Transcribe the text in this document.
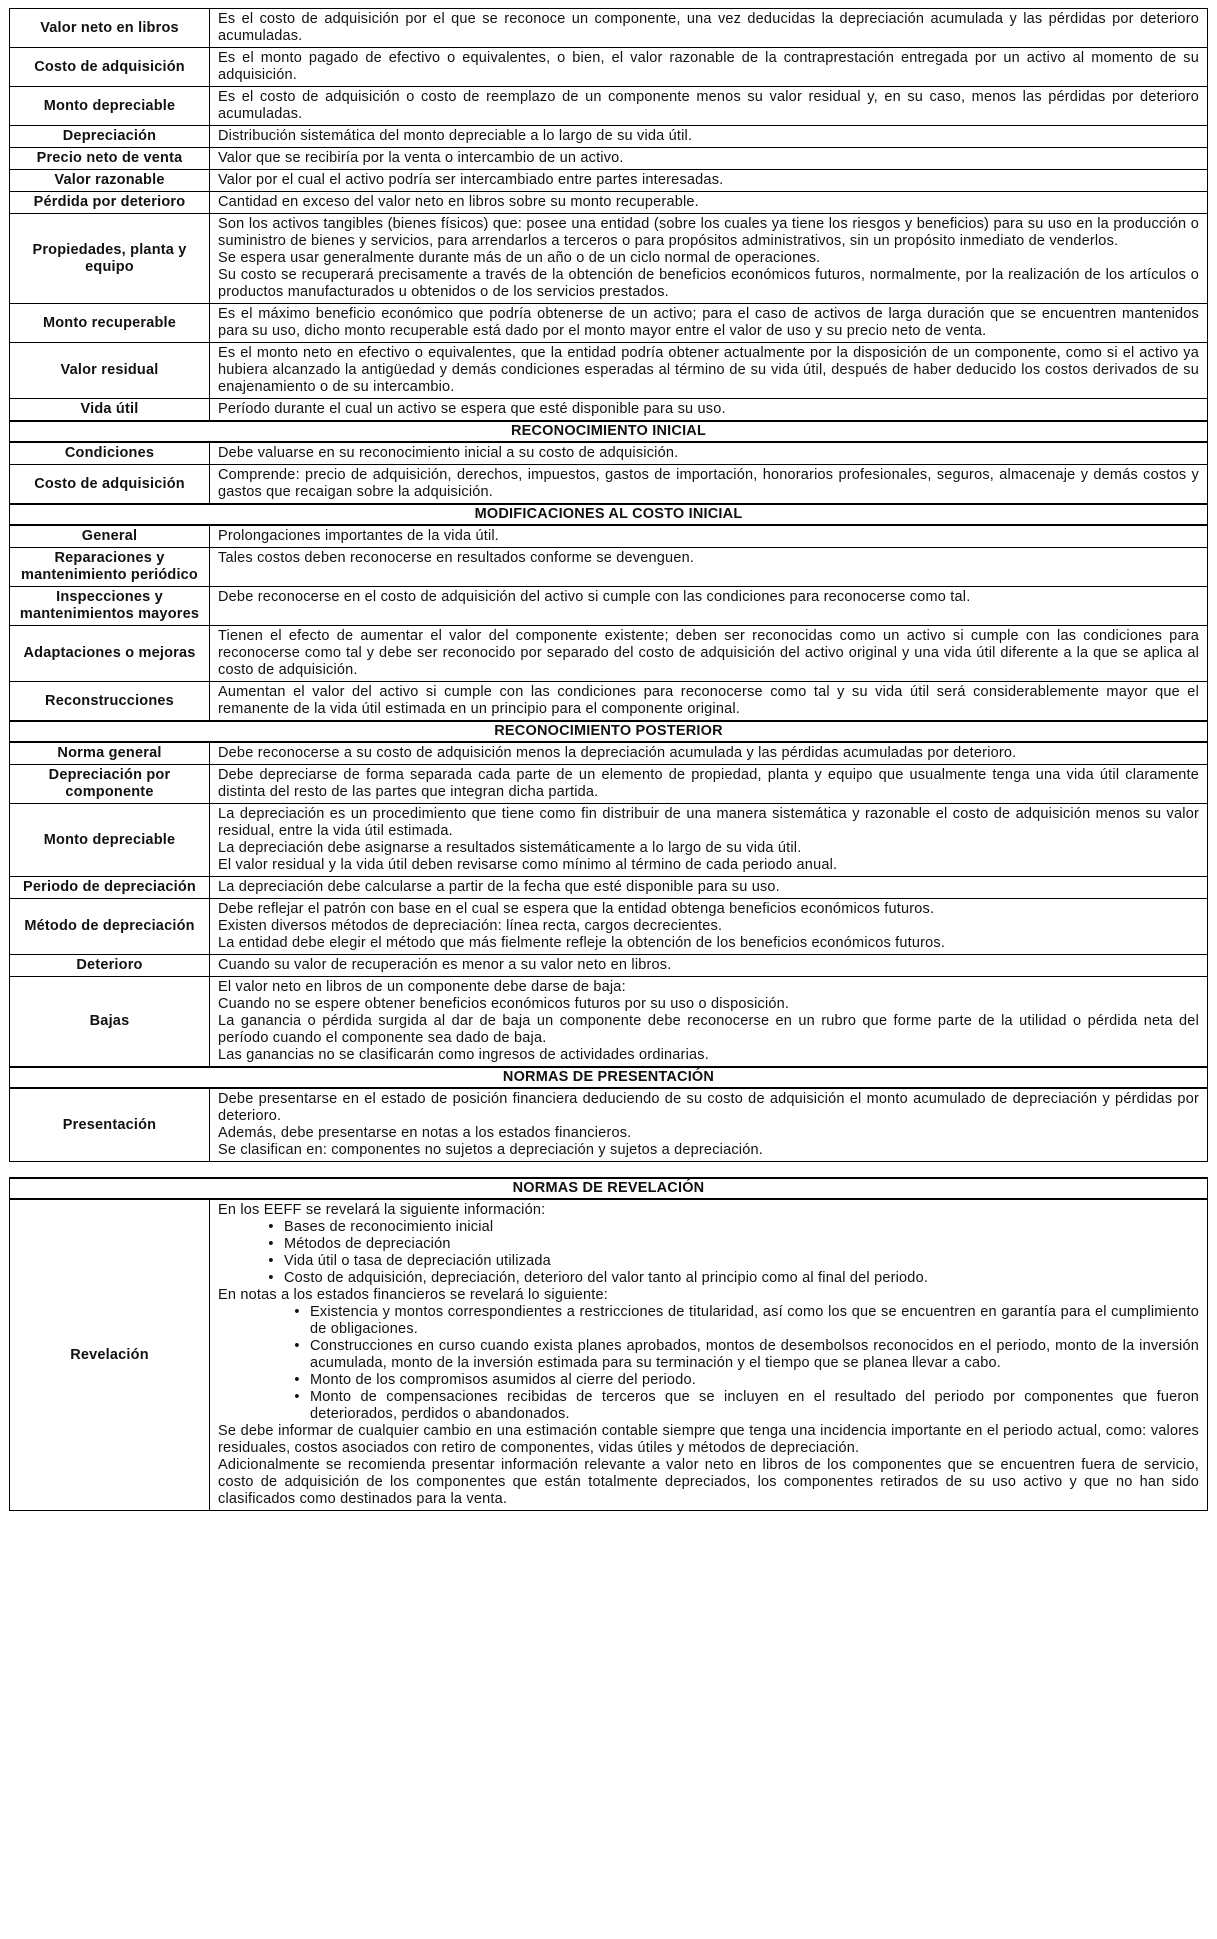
Valor neto en libros	Es el costo de adquisición por el que se reconoce un componente, una vez deducidas la depreciación acumulada y las pérdidas por deterioro acumuladas.

Costo de adquisición	Es el monto pagado de efectivo o equivalentes, o bien, el valor razonable de la contraprestación entregada por un activo al momento de su adquisición.

Monto depreciable	Es el costo de adquisición o costo de reemplazo de un componente menos su valor residual y, en su caso, menos las pérdidas por deterioro acumuladas.

Depreciación	Distribución sistemática del monto depreciable a lo largo de su vida útil.

Precio neto de venta	Valor que se recibiría por la venta o intercambio de un activo.

Valor razonable	Valor por el cual el activo podría ser intercambiado entre partes interesadas.

Pérdida por deterioro	Cantidad en exceso del valor neto en libros sobre su monto recuperable.

Propiedades, planta y equipo	Son los activos tangibles (bienes físicos) que: posee una entidad (sobre los cuales ya tiene los riesgos y beneficios) para su uso en la producción o suministro de bienes y servicios, para arrendarlos a terceros o para propósitos administrativos, sin un propósito inmediato de venderlos.
Se espera usar generalmente durante más de un año o de un ciclo normal de operaciones.
Su costo se recuperará precisamente a través de la obtención de beneficios económicos futuros, normalmente, por la realización de los artículos o productos manufacturados u obtenidos o de los servicios prestados.

Monto recuperable	Es el máximo beneficio económico que podría obtenerse de un activo; para el caso de activos de larga duración que se encuentren mantenidos para su uso, dicho monto recuperable está dado por el monto mayor entre el valor de uso y su precio neto de venta.

Valor residual	Es el monto neto en efectivo o equivalentes, que la entidad podría obtener actualmente por la disposición de un componente, como si el activo ya hubiera alcanzado la antigüedad y demás condiciones esperadas al término de su vida útil, después de haber deducido los costos derivados de su enajenamiento o de su intercambio.

Vida útil	Período durante el cual un activo se espera que esté disponible para su uso.

RECONOCIMIENTO INICIAL	
Condiciones	Debe valuarse en su reconocimiento inicial a su costo de adquisición.

Costo de adquisición	Comprende: precio de adquisición, derechos, impuestos, gastos de importación, honorarios profesionales, seguros, almacenaje y demás costos y gastos que recaigan sobre la adquisición.

MODIFICACIONES AL COSTO INICIAL	
General	Prolongaciones importantes de la vida útil.

Reparaciones y mantenimiento periódico	Tales costos deben reconocerse en resultados conforme se devenguen.

Inspecciones y mantenimientos mayores	Debe reconocerse en el costo de adquisición del activo si cumple con las condiciones para reconocerse como tal.

Adaptaciones o mejoras	Tienen el efecto de aumentar el valor del componente existente; deben ser reconocidas como un activo si cumple con las condiciones para reconocerse como tal y debe ser reconocido por separado del costo de adquisición del activo original y una vida útil diferente a la que se aplica al costo de adquisición.

Reconstrucciones	Aumentan el valor del activo si cumple con las condiciones para reconocerse como tal y su vida útil será considerablemente mayor que el remanente de la vida útil estimada en un principio para el componente original.

RECONOCIMIENTO POSTERIOR	
Norma general	Debe reconocerse a su costo de adquisición menos la depreciación acumulada y las pérdidas acumuladas por deterioro.

Depreciación por componente	Debe depreciarse de forma separada cada parte de un elemento de propiedad, planta y equipo que usualmente tenga una vida útil claramente distinta del resto de las partes que integran dicha partida.

Monto depreciable	La depreciación es un procedimiento que tiene como fin distribuir de una manera sistemática y razonable el costo de adquisición menos su valor residual, entre la vida útil estimada.
La depreciación debe asignarse a resultados sistemáticamente a lo largo de su vida útil.
El valor residual y la vida útil deben revisarse como mínimo al término de cada periodo anual.

Periodo de depreciación	La depreciación debe calcularse a partir de la fecha que esté disponible para su uso.

Método de depreciación	Debe reflejar el patrón con base en el cual se espera que la entidad obtenga beneficios económicos futuros.
Existen diversos métodos de depreciación: línea recta, cargos decrecientes.
La entidad debe elegir el método que más fielmente refleje la obtención de los beneficios económicos futuros.

Deterioro	Cuando su valor de recuperación es menor a su valor neto en libros.

Bajas	El valor neto en libros de un componente debe darse de baja:
Cuando no se espere obtener beneficios económicos futuros por su uso o disposición.
La ganancia o pérdida surgida al dar de baja un componente debe reconocerse en un rubro que forme parte de la utilidad o pérdida neta del período cuando el componente sea dado de baja.
Las ganancias no se clasificarán como ingresos de actividades ordinarias.

NORMAS DE PRESENTACIÓN	
Presentación	Debe presentarse en el estado de posición financiera deduciendo de su costo de adquisición el monto acumulado de depreciación y pérdidas por deterioro.
Además, debe presentarse en notas a los estados financieros.
Se clasifican en: componentes no sujetos a depreciación y sujetos a depreciación.

NORMAS DE REVELACIÓN	
Revelación	
En los EEFF se revelará la siguiente información:
• Bases de reconocimiento inicial
• Métodos de depreciación
• Vida útil o tasa de depreciación utilizada
• Costo de adquisición, depreciación, deterioro del valor tanto al principio como al final del periodo.
En notas a los estados financieros se revelará lo siguiente:
• Existencia y montos correspondientes a restricciones de titularidad, así como los que se encuentren en garantía para el cumplimiento de obligaciones.
• Construcciones en curso cuando exista planes aprobados, montos de desembolsos reconocidos en el periodo, monto de la inversión acumulada, monto de la inversión estimada para su terminación y el tiempo que se planea llevar a cabo.
• Monto de los compromisos asumidos al cierre del periodo.
• Monto de compensaciones recibidas de terceros que se incluyen en el resultado del periodo por componentes que fueron deteriorados, perdidos o abandonados.
Se debe informar de cualquier cambio en una estimación contable siempre que tenga una incidencia importante en el periodo actual, como: valores residuales, costos asociados con retiro de componentes, vidas útiles y métodos de depreciación.
Adicionalmente se recomienda presentar información relevante a valor neto en libros de los componentes que se encuentren fuera de servicio, costo de adquisición de los componentes que están totalmente depreciados, los componentes retirados de su uso activo y que no han sido clasificados como destinados para la venta.
